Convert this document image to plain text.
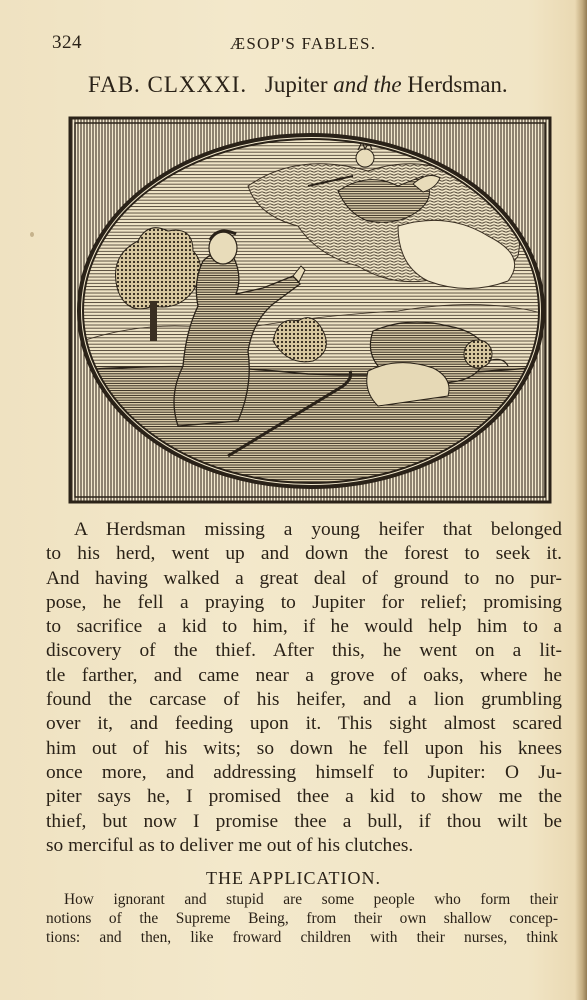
324	ÆSOP'S FABLES.
FAB. CLXXXI. Jupiter and the Herdsman.
A Herdsman missing a young heifer that belonged
to his herd, went up and down the forest to seek it.
And having walked a great deal of ground to no pur-
pose, he fell a praying to Jupiter for relief; promising
to sacrifice a kid to him, if he would help him to a
discovery of the thief. After this, he went on a lit-
tle farther, and came near a grove of oaks, where he
found the carcase of his heifer, and a lion grumbling
over it, and feeding upon it. This sight almost scared
him out of his wits; so down he fell upon his knees
once more, and addressing himself to Jupiter: O Ju-
piter says he, I promised thee a kid to show me the
thief, but now I promise thee a bull, if thou wilt be
so merciful as to deliver me out of his clutches.
THE APPLICATION.
How ignorant and stupid are some people who form their
notions of the Supreme Being, from their own shallow concep-
tions: and then, like froward children with their nurses, think
